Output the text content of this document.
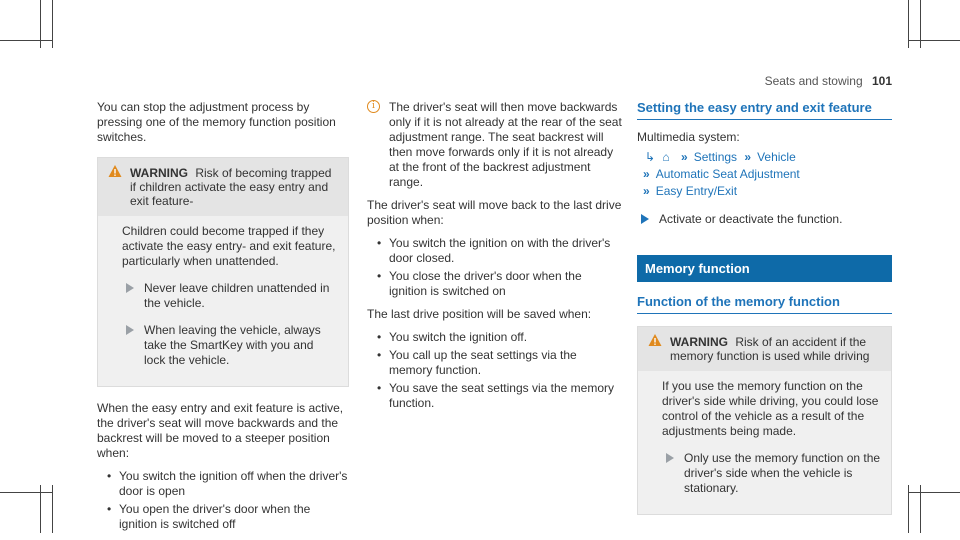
Seats and stowing 101

You can stop the adjustment process by pressing one of the memory function position switches.

WARNING Risk of becoming trapped if children activate the easy entry and exit feature-

Children could become trapped if they activate the easy entry- and exit feature, particularly when unattended.

Never leave children unattended in the vehicle.
When leaving the vehicle, always take the SmartKey with you and lock the vehicle.

When the easy entry and exit feature is active, the driver's seat will move backwards and the backrest will be moved to a steeper position when:

• You switch the ignition off when the driver's door is open
• You open the driver's door when the ignition is switched off
i	The driver's seat will then move backwards only if it is not already at the rear of the seat adjustment range. The seat backrest will then move forwards only if it is not already at the front of the backrest adjustment range.

The driver's seat will move back to the last drive position when:

• You switch the ignition on with the driver's door closed.
• You close the driver's door when the ignition is switched on

The last drive position will be saved when:

• You switch the ignition off.
• You call up the seat settings via the memory function.
• You save the seat settings via the memory function.
Setting the easy entry and exit feature

Multimedia system:

↳ ⌂ » Settings » Vehicle
» Automatic Seat Adjustment
» Easy Entry/Exit
Activate or deactivate the function.
Memory function
Function of the memory function
WARNING Risk of an accident if the memory function is used while driving

If you use the memory function on the driver's side while driving, you could lose control of the vehicle as a result of the adjustments being made.

Only use the memory function on the driver's side when the vehicle is stationary.
